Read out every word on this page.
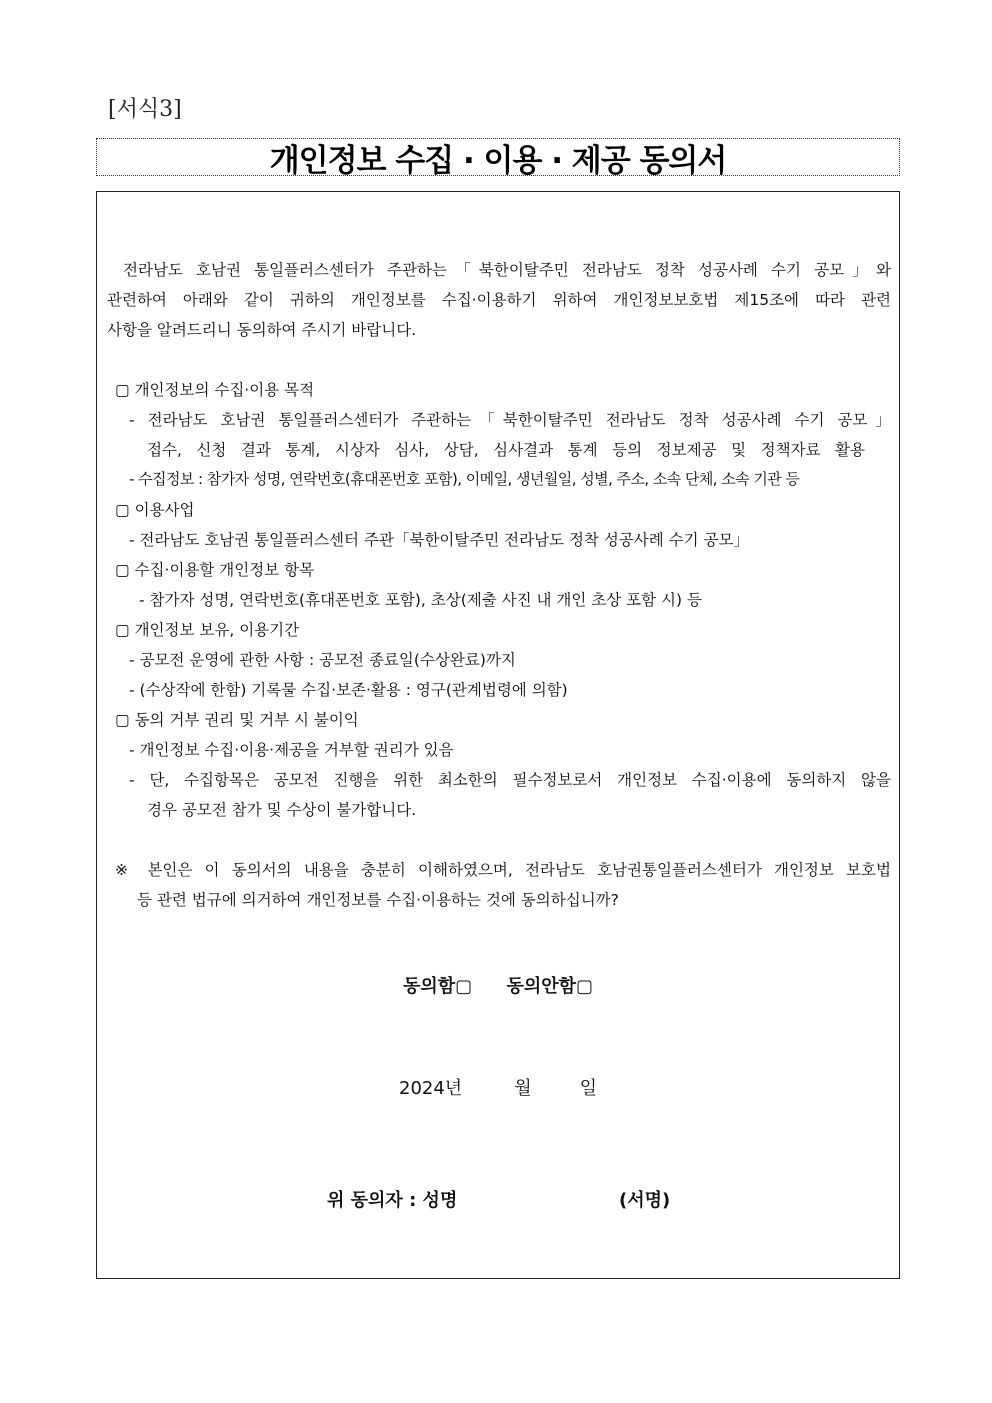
[서식3]
개인정보 수집 · 이용 · 제공 동의서
전라남도 호남권 통일플러스센터가 주관하는「북한이탈주민 전라남도 정착 성공사례 수기 공모」와
관련하여 아래와 같이 귀하의 개인정보를 수집·이용하기 위하여 개인정보보호법 제15조에 따라 관련
사항을 알려드리니 동의하여 주시기 바랍니다.
▢ 개인정보의 수집·이용 목적
- 전라남도 호남권 통일플러스센터가 주관하는「북한이탈주민 전라남도 정착 성공사례 수기 공모」
접수, 신청 결과 통계, 시상자 심사, 상담, 심사결과 통계 등의 정보제공 및 정책자료 활용
- 수집정보 : 참가자 성명, 연락번호(휴대폰번호 포함), 이메일, 생년월일, 성별, 주소, 소속 단체, 소속 기관 등
▢ 이용사업
- 전라남도 호남권 통일플러스센터 주관「북한이탈주민 전라남도 정착 성공사례 수기 공모」
▢ 수집·이용할 개인정보 항목
- 참가자 성명, 연락번호(휴대폰번호 포함), 초상(제출 사진 내 개인 초상 포함 시) 등
▢ 개인정보 보유, 이용기간
- 공모전 운영에 관한 사항 : 공모전 종료일(수상완료)까지
- (수상작에 한함) 기록물 수집·보존·활용 : 영구(관계법령에 의함)
▢ 동의 거부 권리 및 거부 시 불이익
- 개인정보 수집·이용·제공을 거부할 권리가 있음
- 단, 수집항목은 공모전 진행을 위한 최소한의 필수정보로서 개인정보 수집·이용에 동의하지 않을
경우 공모전 참가 및 수상이 불가합니다.
※ 본인은 이 동의서의 내용을 충분히 이해하였으며, 전라남도 호남권통일플러스센터가 개인정보 보호법
등 관련 법규에 의거하여 개인정보를 수집·이용하는 것에 동의하십니까?
동의함▢ 동의안함▢
2024년	월	일
위 동의자 : 성명	(서명)
